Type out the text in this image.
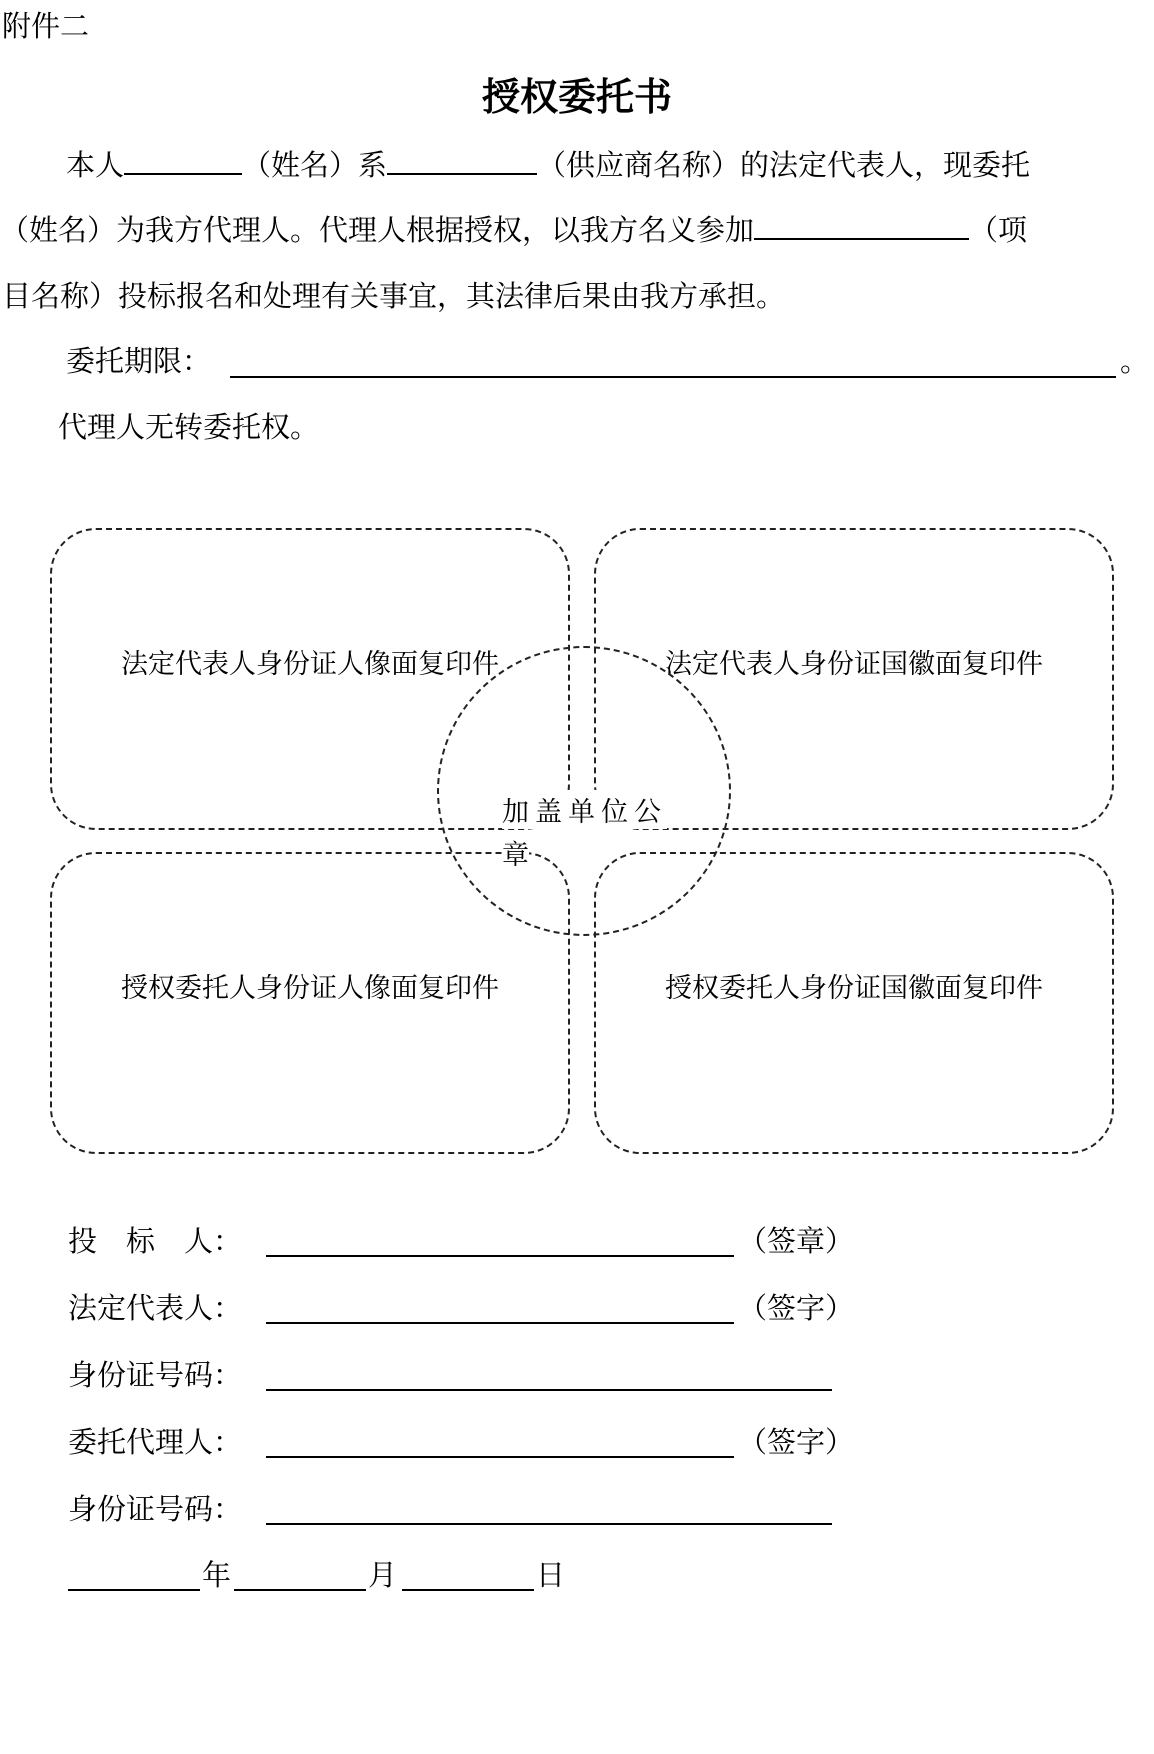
附件二
授权委托书
本人	（姓名）系	（供应商名称）的法定代表人，现委托
（姓名）为我方代理人。代理人根据授权，以我方名义参加	（项
目名称）投标报名和处理有关事宜，其法律后果由我方承担。
委托期限：	。
代理人无转委托权。
法定代表人身份证人像面复印件	法定代表人身份证国徽面复印件
授权委托人身份证人像面复印件	授权委托人身份证国徽面复印件
加盖单位公
章
投　标　人：	（签章）
法定代表人：	（签字）
身份证号码：
委托代理人：	（签字）
身份证号码：
年	月	日
